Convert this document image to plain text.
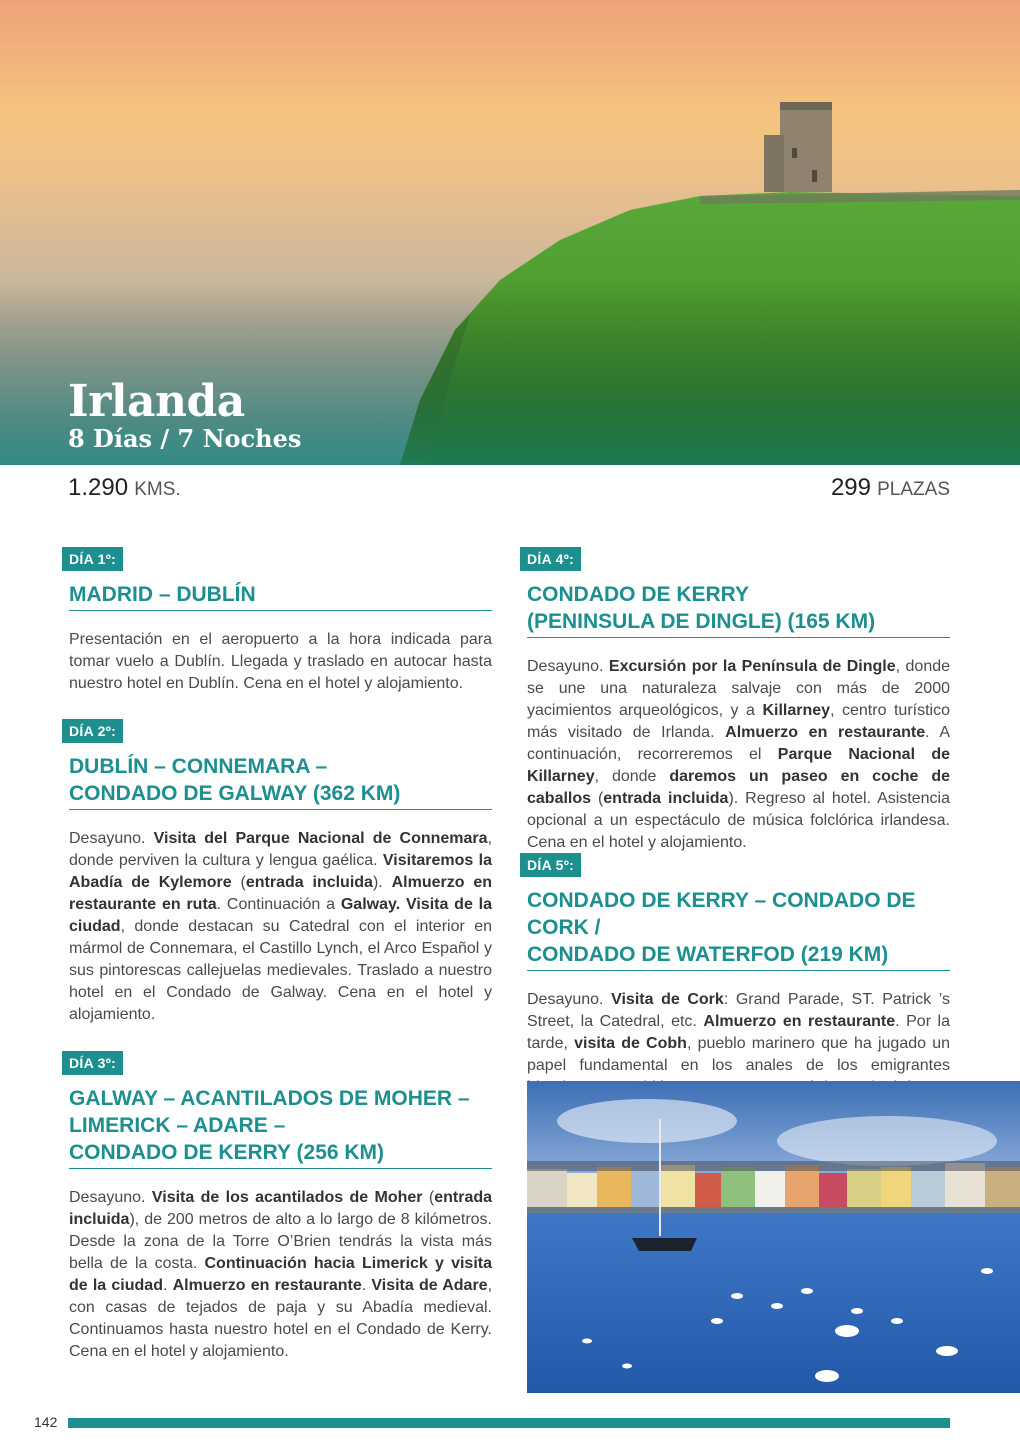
Irlanda
8 Días / 7 Noches
1.290 KMS.	299 PLAZAS
DÍA 1º:
MADRID – DUBLÍN
Presentación en el aeropuerto a la hora indicada para tomar vuelo a Dublín. Llegada y traslado en autocar hasta nuestro hotel en Dublín. Cena en el hotel y alojamiento.
DÍA 2º:
DUBLÍN – CONNEMARA –
CONDADO DE GALWAY (362 KM)
Desayuno. Visita del Parque Nacional de Connemara, donde perviven la cultura y lengua gaélica. Visitaremos la Abadía de Kylemore (entrada incluida). Almuerzo en restaurante en ruta. Continuación a Galway. Visita de la ciudad, donde destacan su Catedral con el interior en mármol de Connemara, el Castillo Lynch, el Arco Español y sus pintorescas callejuelas medievales. Traslado a nuestro hotel en el Condado de Galway. Cena en el hotel y alojamiento.
DÍA 3º:
GALWAY – ACANTILADOS DE MOHER –
LIMERICK – ADARE –
CONDADO DE KERRY (256 KM)
Desayuno. Visita de los acantilados de Moher (entrada incluida), de 200 metros de alto a lo largo de 8 kilómetros. Desde la zona de la Torre O’Brien tendrás la vista más bella de la costa. Continuación hacia Limerick y visita de la ciudad. Almuerzo en restaurante. Visita de Adare, con casas de tejados de paja y su Abadía medieval. Continuamos hasta nuestro hotel en el Condado de Kerry. Cena en el hotel y alojamiento.
DÍA 4º:
CONDADO DE KERRY
(PENINSULA DE DINGLE) (165 KM)
Desayuno. Excursión por la Península de Dingle, donde se une una naturaleza salvaje con más de 2000 yacimientos arqueológicos, y a Killarney, centro turístico más visitado de Irlanda. Almuerzo en restaurante. A continuación, recorreremos el Parque Nacional de Killarney, donde daremos un paseo en coche de caballos (entrada incluida). Regreso al hotel. Asistencia opcional a un espectáculo de música folclórica irlandesa. Cena en el hotel y alojamiento.
DÍA 5º:
CONDADO DE KERRY – CONDADO DE CORK /
CONDADO DE WATERFOD (219 KM)
Desayuno. Visita de Cork: Grand Parade, ST. Patrick ’s Street, la Catedral, etc. Almuerzo en restaurante. Por la tarde, visita de Cobh, pueblo marinero que ha jugado un papel fundamental en los anales de los emigrantes
142
